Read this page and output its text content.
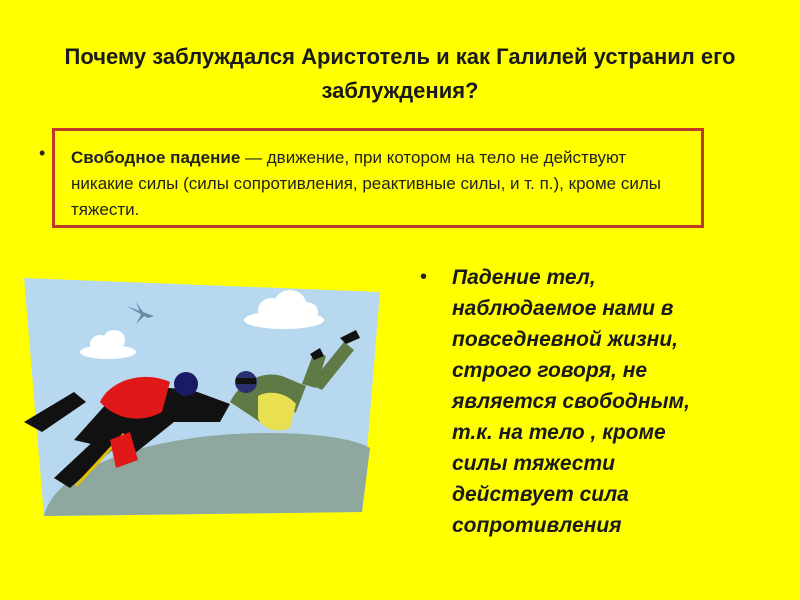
Почему заблуждался Аристотель и как Галилей устранил его заблуждения?
• Свободное падение — движение, при котором на тело не действуют никакие силы (силы сопротивления, реактивные силы, и т. п.), кроме силы тяжести.
• Падение тел, наблюдаемое нами в повседневной жизни, строго говоря, не является свободным, т.к. на тело , кроме силы тяжести действует сила сопротивления
